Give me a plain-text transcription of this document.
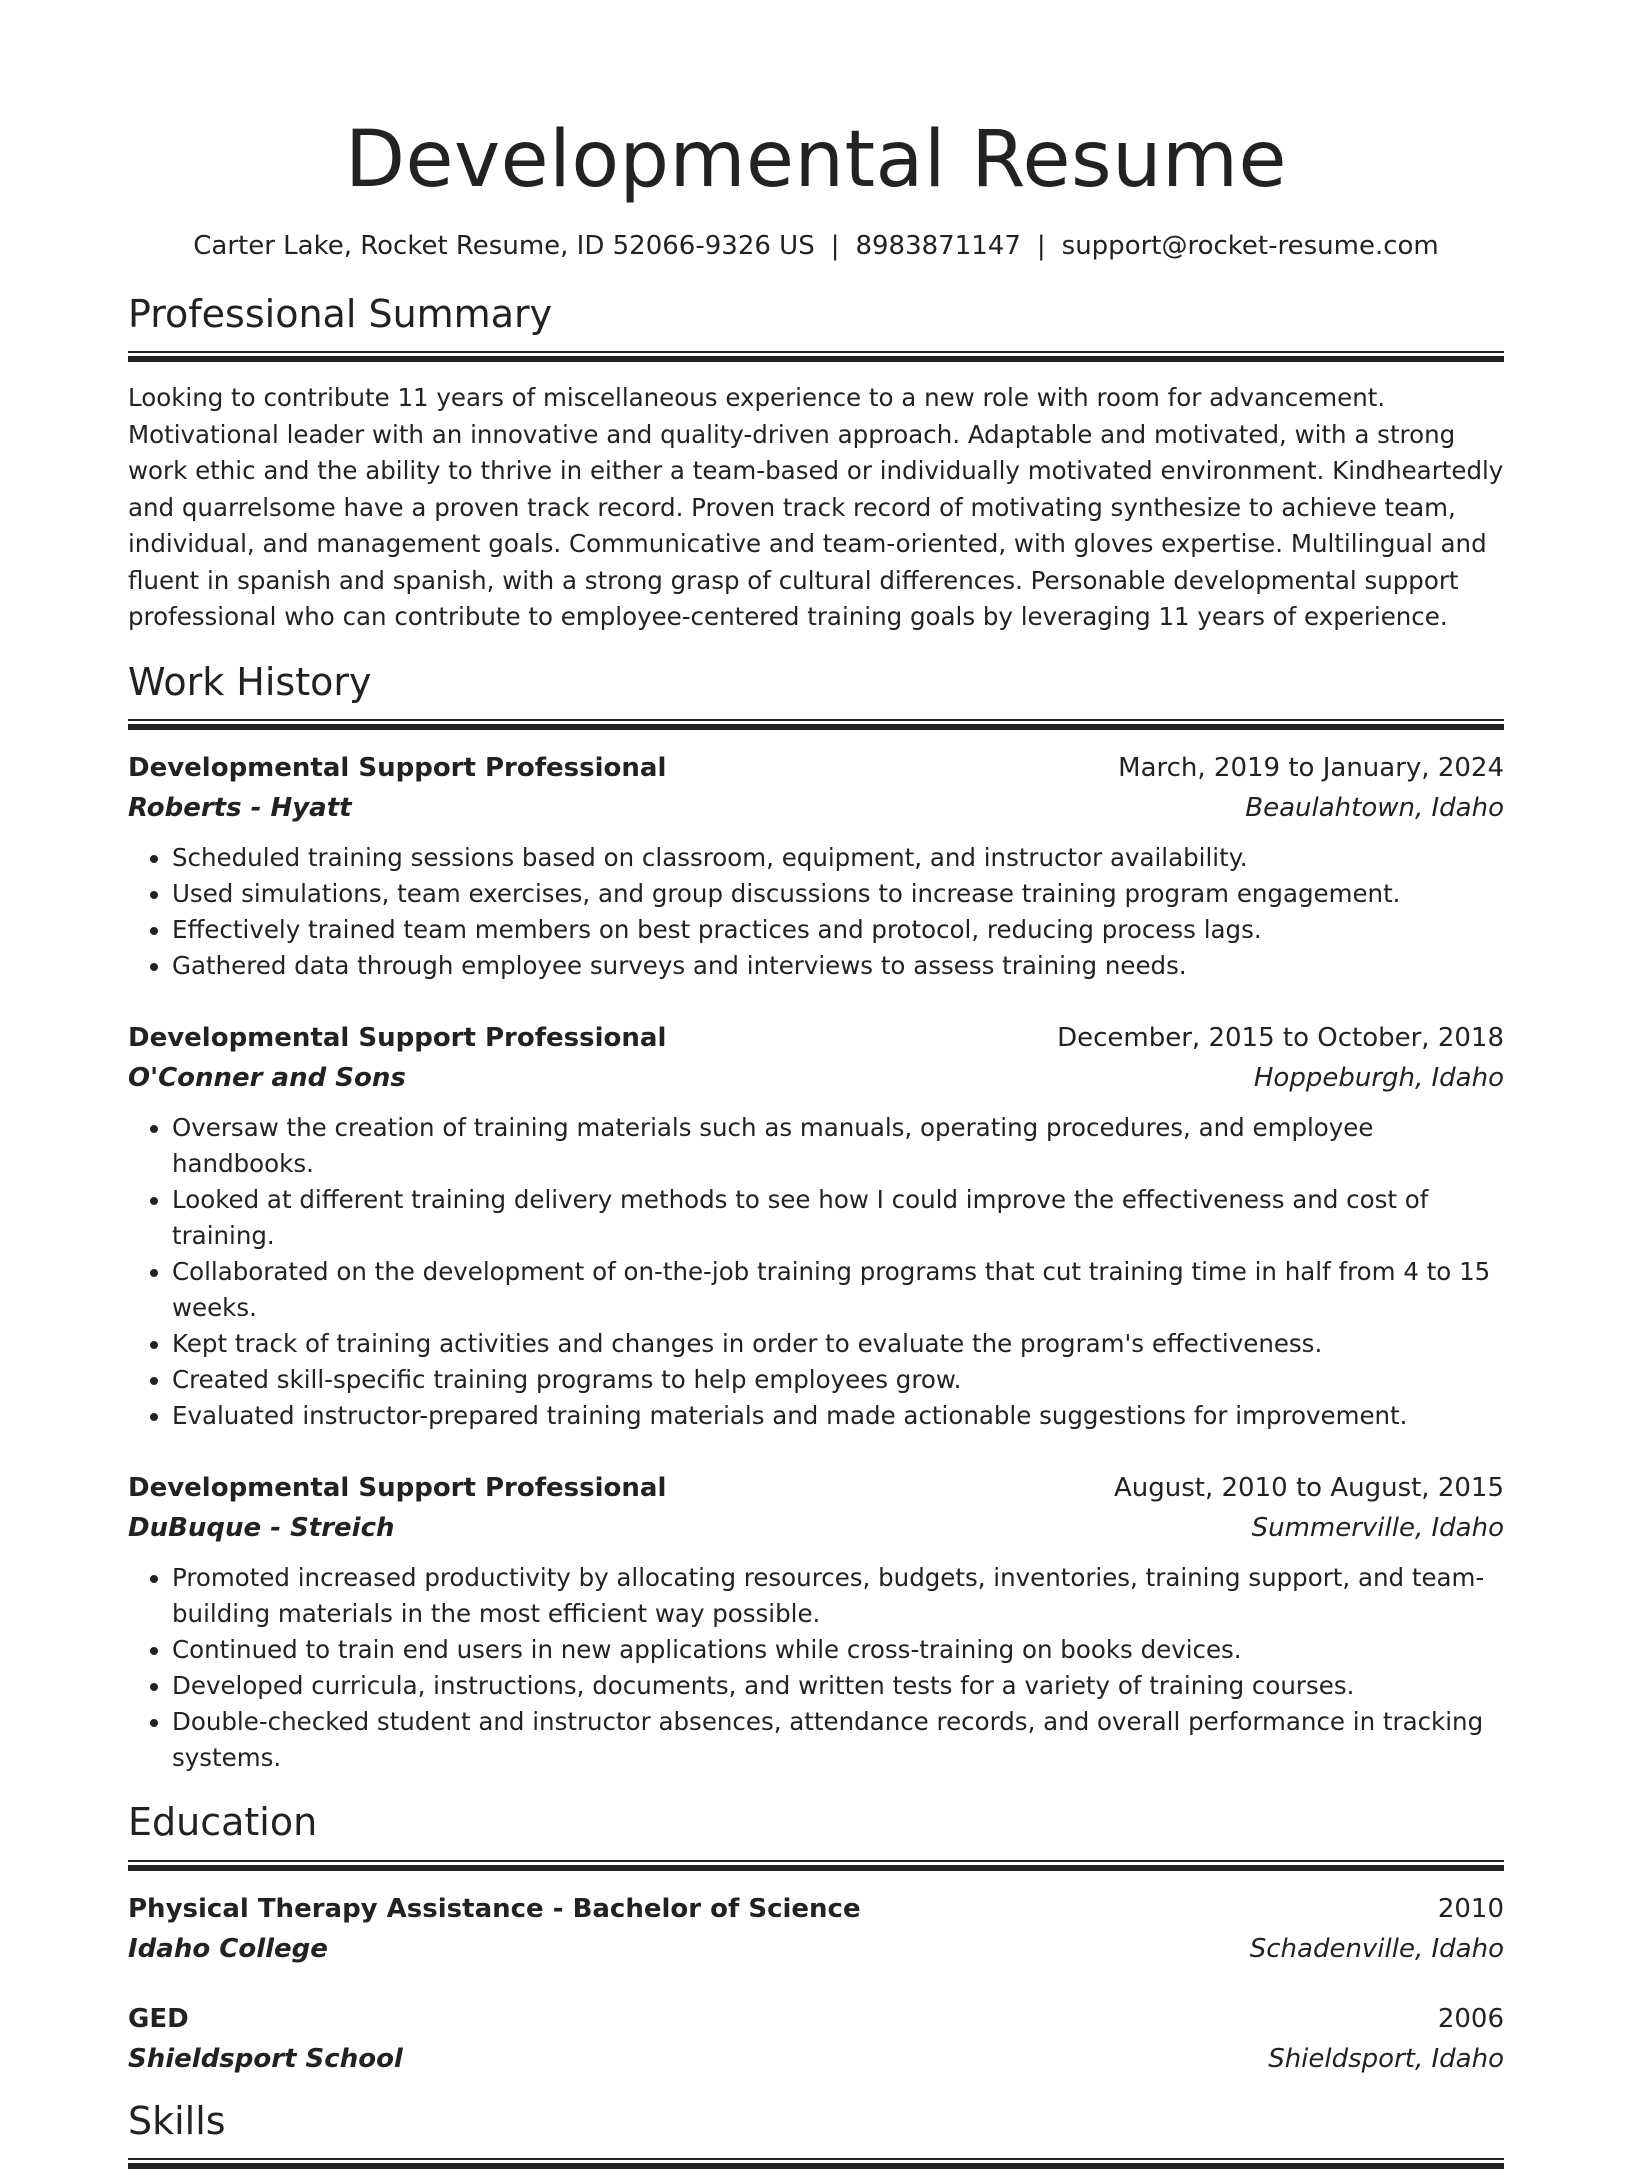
Developmental Resume
Carter Lake, Rocket Resume, ID 52066-9326 US | 8983871147 | support@rocket-resume.com
Professional Summary
Looking to contribute 11 years of miscellaneous experience to a new role with room for advancement. Motivational leader with an innovative and quality-driven approach. Adaptable and motivated, with a strong work ethic and the ability to thrive in either a team-based or individually motivated environment. Kindheartedly and quarrelsome have a proven track record. Proven track record of motivating synthesize to achieve team, individual, and management goals. Communicative and team-oriented, with gloves expertise. Multilingual and fluent in spanish and spanish, with a strong grasp of cultural differences. Personable developmental support professional who can contribute to employee-centered training goals by leveraging 11 years of experience.
Work History
Developmental Support Professional	March, 2019 to January, 2024
Roberts - Hyatt	Beaulahtown, Idaho
• Scheduled training sessions based on classroom, equipment, and instructor availability.
• Used simulations, team exercises, and group discussions to increase training program engagement.
• Effectively trained team members on best practices and protocol, reducing process lags.
• Gathered data through employee surveys and interviews to assess training needs.
Developmental Support Professional	December, 2015 to October, 2018
O'Conner and Sons	Hoppeburgh, Idaho
• Oversaw the creation of training materials such as manuals, operating procedures, and employee handbooks.
• Looked at different training delivery methods to see how I could improve the effectiveness and cost of training.
• Collaborated on the development of on-the-job training programs that cut training time in half from 4 to 15 weeks.
• Kept track of training activities and changes in order to evaluate the program's effectiveness.
• Created skill-specific training programs to help employees grow.
• Evaluated instructor-prepared training materials and made actionable suggestions for improvement.
Developmental Support Professional	August, 2010 to August, 2015
DuBuque - Streich	Summerville, Idaho
• Promoted increased productivity by allocating resources, budgets, inventories, training support, and team-building materials in the most efficient way possible.
• Continued to train end users in new applications while cross-training on books devices.
• Developed curricula, instructions, documents, and written tests for a variety of training courses.
• Double-checked student and instructor absences, attendance records, and overall performance in tracking systems.
Education
Physical Therapy Assistance - Bachelor of Science	2010
Idaho College	Schadenville, Idaho
GED	2006
Shieldsport School	Shieldsport, Idaho
Skills
